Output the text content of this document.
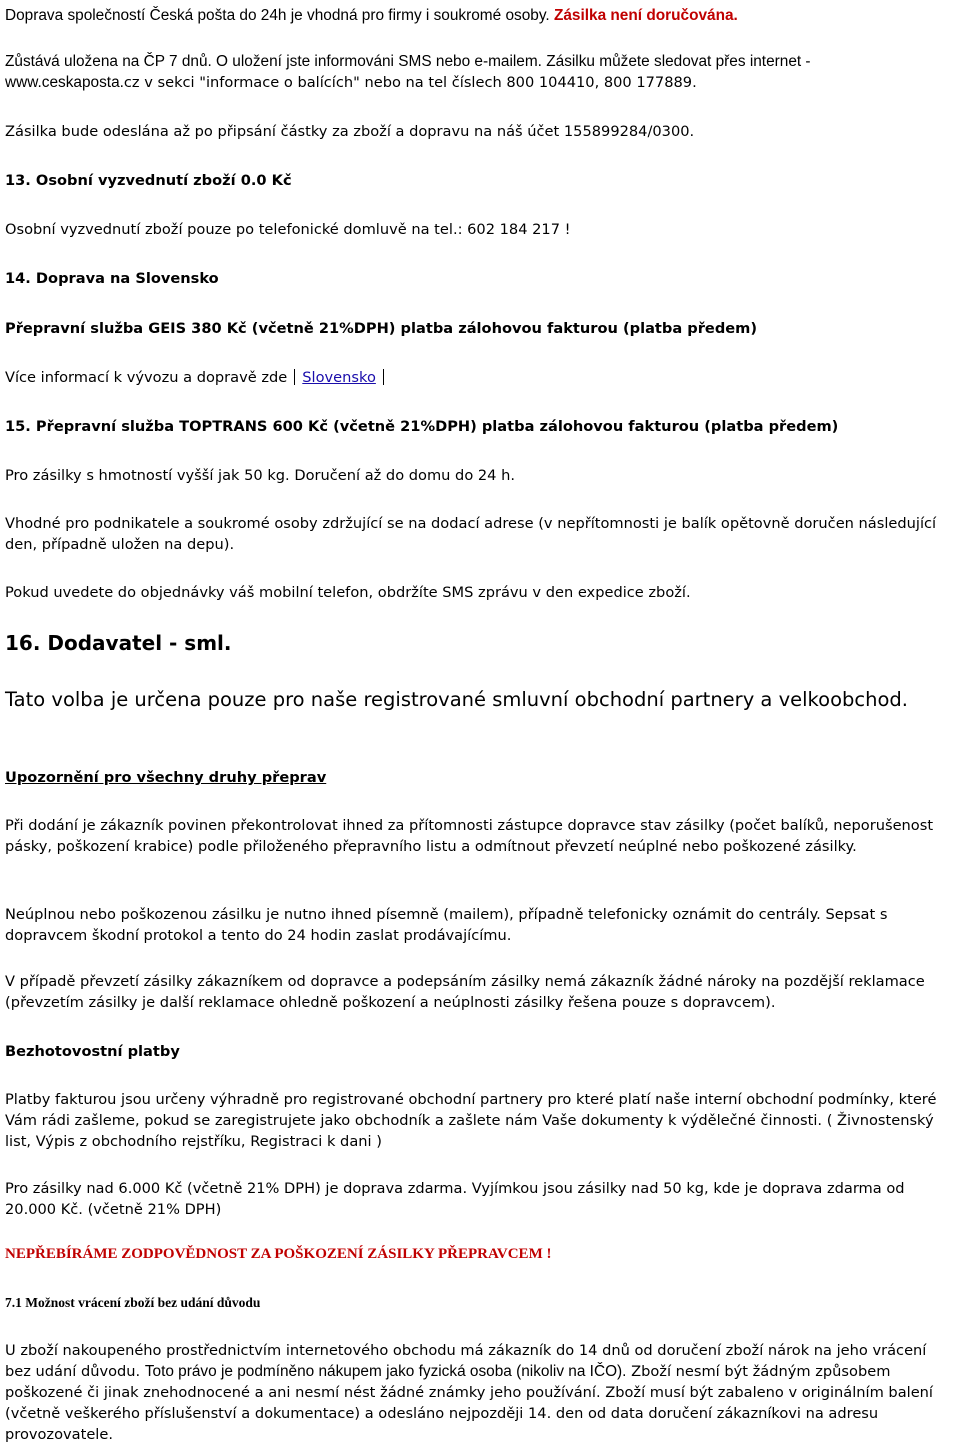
Doprava společností Česká pošta do 24h je vhodná pro firmy i soukromé osoby. Zásilka není doručována.

Zůstává uložena na ČP 7 dnů. O uložení jste informováni SMS nebo e-mailem. Zásilku můžete sledovat přes internet -

www.ceskaposta.cz v sekci "informace o balících" nebo na tel číslech 800 104410, 800 177889.

Zásilka bude odeslána až po připsání částky za zboží a dopravu na náš účet 155899284/0300.

13. Osobní vyzvednutí zboží 0.0 Kč

Osobní vyzvednutí zboží pouze po telefonické domluvě na tel.: 602 184 217 !

14. Doprava na Slovensko

Přepravní služba GEIS 380 Kč (včetně 21%DPH) platba zálohovou fakturou (platba předem)

Více informací k vývozu a dopravě zde Slovensko

15. Přepravní služba TOPTRANS 600 Kč (včetně 21%DPH) platba zálohovou fakturou (platba předem)

Pro zásilky s hmotností vyšší jak 50 kg. Doručení až do domu do 24 h.

Vhodné pro podnikatele a soukromé osoby zdržující se na dodací adrese (v nepřítomnosti je balík opětovně doručen následující den, případně uložen na depu).

Pokud uvedete do objednávky váš mobilní telefon, obdržíte SMS zprávu v den expedice zboží.

16. Dodavatel - sml.

Tato volba je určena pouze pro naše registrované smluvní obchodní partnery a velkoobchod.

Upozornění pro všechny druhy přeprav

Při dodání je zákazník povinen překontrolovat ihned za přítomnosti zástupce dopravce stav zásilky (počet balíků, neporušenost pásky, poškození krabice) podle přiloženého přepravního listu a odmítnout převzetí neúplné nebo poškozené zásilky.

Neúplnou nebo poškozenou zásilku je nutno ihned písemně (mailem), případně telefonicky oznámit do centrály. Sepsat s dopravcem škodní protokol a tento do 24 hodin zaslat prodávajícímu.

V případě převzetí zásilky zákazníkem od dopravce a podepsáním zásilky nemá zákazník žádné nároky na pozdější reklamace (převzetím zásilky je další reklamace ohledně poškození a neúplnosti zásilky řešena pouze s dopravcem).

Bezhotovostní platby

Platby fakturou jsou určeny výhradně pro registrované obchodní partnery pro které platí naše interní obchodní podmínky, které Vám rádi zašleme, pokud se zaregistrujete jako obchodník a zašlete nám Vaše dokumenty k výdělečné činnosti. ( Živnostenský list, Výpis z obchodního rejstříku, Registraci k dani )

Pro zásilky nad 6.000 Kč (včetně 21% DPH) je doprava zdarma. Vyjímkou jsou zásilky nad 50 kg, kde je doprava zdarma od 20.000 Kč. (včetně 21% DPH)

NEPŘEBÍRÁME ZODPOVĚDNOST ZA POŠKOZENÍ ZÁSILKY PŘEPRAVCEM !

7.1 Možnost vrácení zboží bez udání důvodu

U zboží nakoupeného prostřednictvím internetového obchodu má zákazník do 14 dnů od doručení zboží nárok na jeho vrácení bez udání důvodu. Toto právo je podmíněno nákupem jako fyzická osoba (nikoliv na IČO). Zboží nesmí být žádným způsobem poškozené či jinak znehodnocené a ani nesmí nést žádné známky jeho používání. Zboží musí být zabaleno v originálním balení (včetně veškerého příslušenství a dokumentace) a odesláno nejpozději 14. den od data doručení zákazníkovi na adresu provozovatele.
